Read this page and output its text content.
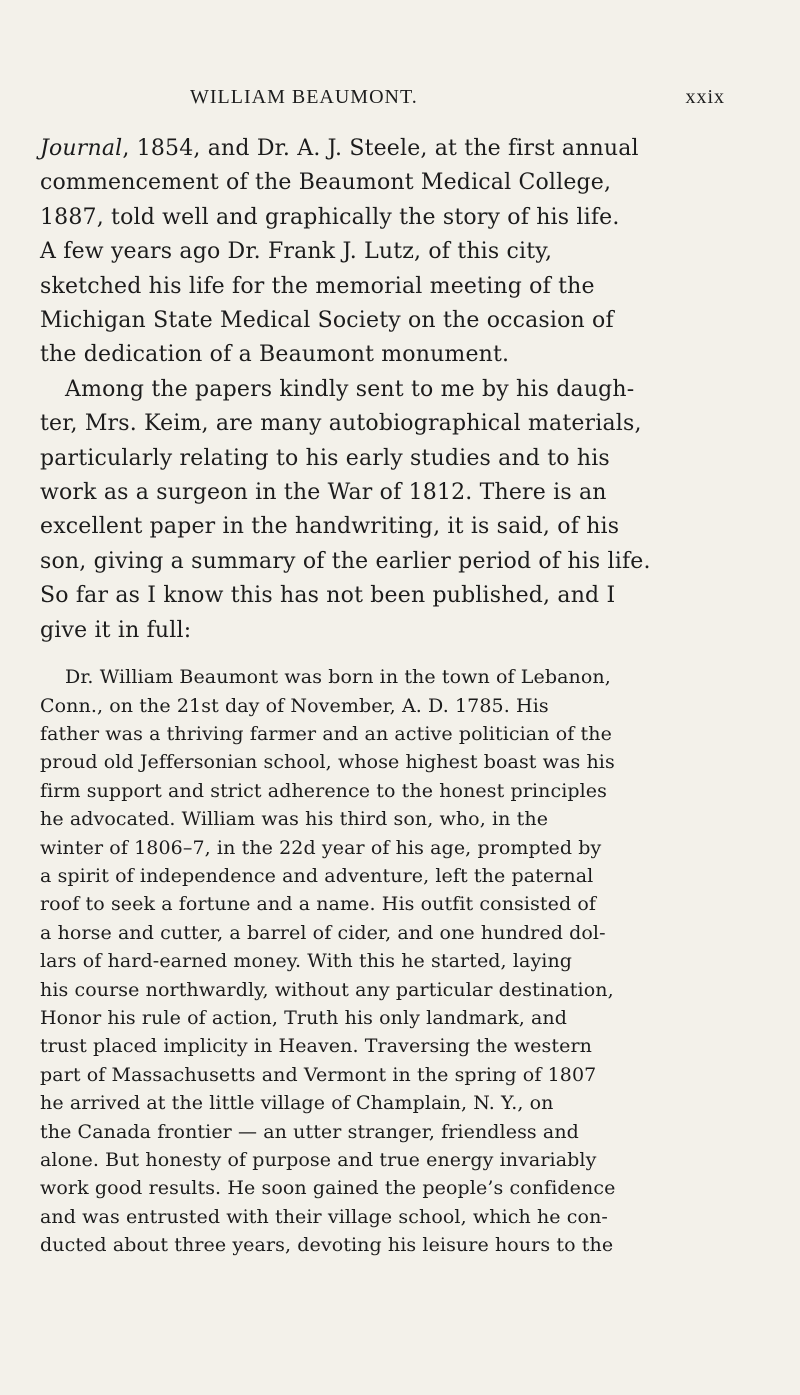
WILLIAM BEAUMONT.	xxix
Journal, 1854, and Dr. A. J. Steele, at the first annual
commencement of the Beaumont Medical College,
1887, told well and graphically the story of his life.
A few years ago Dr. Frank J. Lutz, of this city,
sketched his life for the memorial meeting of the
Michigan State Medical Society on the occasion of
the dedication of a Beaumont monument.
Among the papers kindly sent to me by his daugh-
ter, Mrs. Keim, are many autobiographical materials,
particularly relating to his early studies and to his
work as a surgeon in the War of 1812. There is an
excellent paper in the handwriting, it is said, of his
son, giving a summary of the earlier period of his life.
So far as I know this has not been published, and I
give it in full:
Dr. William Beaumont was born in the town of Lebanon,
Conn., on the 21st day of November, A. D. 1785. His
father was a thriving farmer and an active politician of the
proud old Jeffersonian school, whose highest boast was his
firm support and strict adherence to the honest principles
he advocated. William was his third son, who, in the
winter of 1806–7, in the 22d year of his age, prompted by
a spirit of independence and adventure, left the paternal
roof to seek a fortune and a name. His outfit consisted of
a horse and cutter, a barrel of cider, and one hundred dol-
lars of hard-earned money. With this he started, laying
his course northwardly, without any particular destination,
Honor his rule of action, Truth his only landmark, and
trust placed implicity in Heaven. Traversing the western
part of Massachusetts and Vermont in the spring of 1807
he arrived at the little village of Champlain, N. Y., on
the Canada frontier — an utter stranger, friendless and
alone. But honesty of purpose and true energy invariably
work good results. He soon gained the people’s confidence
and was entrusted with their village school, which he con-
ducted about three years, devoting his leisure hours to the
